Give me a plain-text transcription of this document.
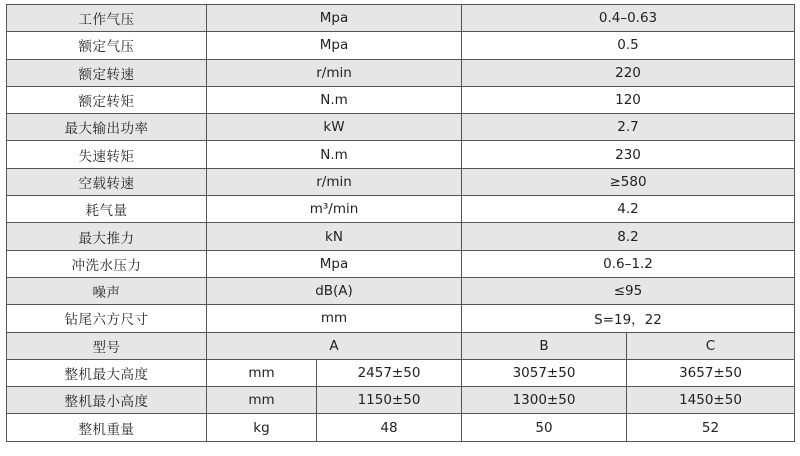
工作气压	Mpa		0.4–0.63	
额定气压	Mpa		0.5	
额定转速	r/min		220	
额定转矩	N.m		120	
最大输出功率	kW		2.7	
失速转矩	N.m		230	
空载转速	r/min		≥580	
耗气量	m³/min		4.2	
最大推力	kN		8.2	
冲洗水压力	Mpa		0.6–1.2	
噪声	dB(A)		≤95	
钻尾六方尺寸	mm		S=19，22	
型号	A		B	C
整机最大高度	mm	2457±50	3057±50	3657±50
整机最小高度	mm	1150±50	1300±50	1450±50
整机重量	kg	48	50	52
